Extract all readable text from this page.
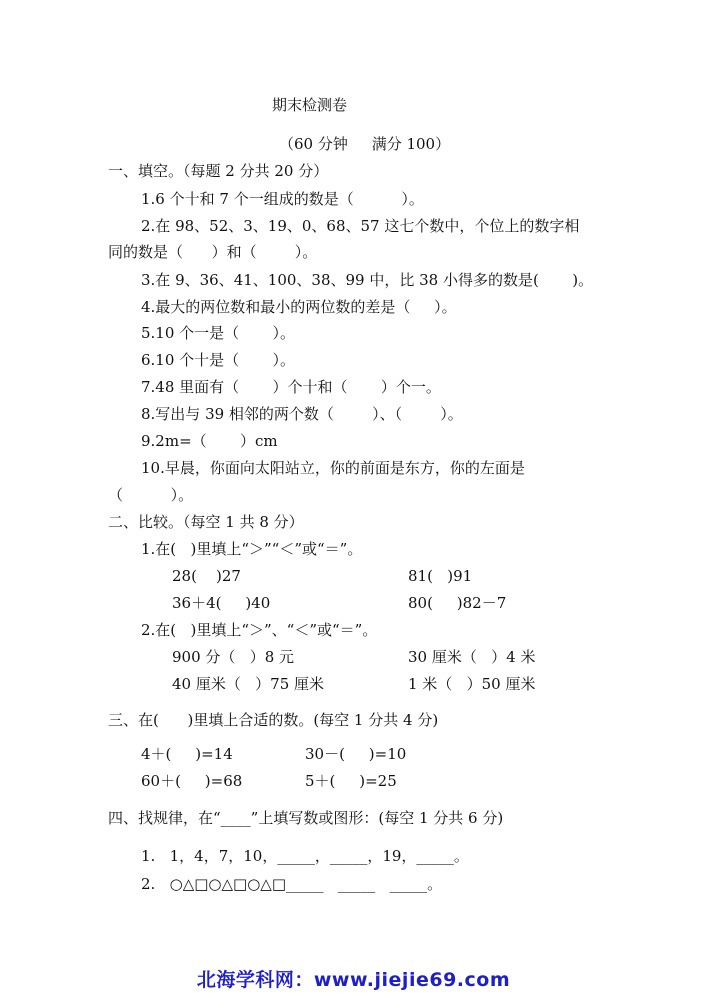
期末检测卷
（60 分钟     满分 100）
一、填空。（每题 2 分共 20 分）
1.6 个十和 7 个一组成的数是（          ）。
2.在 98、52、3、19、0、68、57 这七个数中，个位上的数字相
同的数是（      ）和（        ）。
3.在 9、36、41、100、38、99 中，比 38 小得多的数是(       )。
4.最大的两位数和最小的两位数的差是（     ）。
5.10 个一是（       ）。
6.10 个十是（       ）。
7.48 里面有（       ）个十和（       ）个一。
8.写出与 39 相邻的两个数（        ）、（        ）。
9.2m=（       ）cm
10.早晨，你面向太阳站立，你的前面是东方，你的左面是
（          ）。
二、比较。（每空 1 共 8 分）
1.在(   )里填上“＞”“＜”或“＝”。
28(    )27	81(   )91
36＋4(     )40	80(     )82－7
2.在(   )里填上“＞”、“＜”或“＝”。
900 分（   ）8 元	30 厘米（   ）4 米
40 厘米（   ）75 厘米	1 米（   ）50 厘米
三、在(      )里填上合适的数。(每空 1 分共 4 分)
4＋(     )=14	30－(     )=10
60＋(     )=68	5＋(     )=25
四、找规律，在“____”上填写数或图形：(每空 1 分共 6 分)
1.   1，4，7，10，_____，_____，19，_____。
2.   ○△□○△□○△□_____   _____   _____。
北海学科网：www.jiejie69.com
